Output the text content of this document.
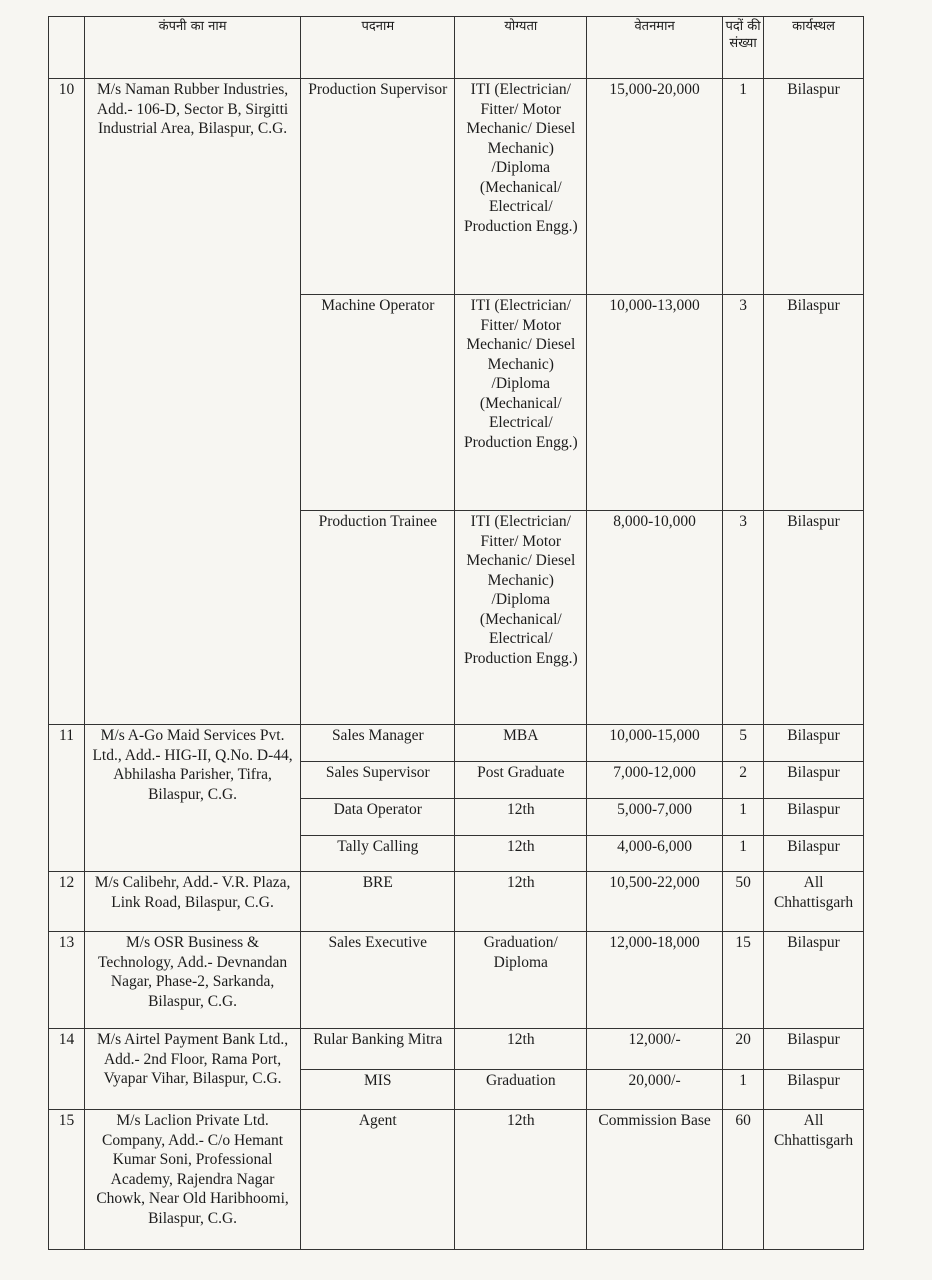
	कंपनी का नाम	पदनाम	योग्यता	वेतनमान	पदों की संख्या	कार्यस्थल
10	M/s Naman Rubber Industries, Add.- 106-D, Sector B, Sirgitti Industrial Area, Bilaspur, C.G.	Production Supervisor	ITI (Electrician/ Fitter/ Motor Mechanic/ Diesel Mechanic) /Diploma (Mechanical/ Electrical/ Production Engg.)	15,000-20,000	1	Bilaspur
		Machine Operator	ITI (Electrician/ Fitter/ Motor Mechanic/ Diesel Mechanic) /Diploma (Mechanical/ Electrical/ Production Engg.)	10,000-13,000	3	Bilaspur
		Production Trainee	ITI (Electrician/ Fitter/ Motor Mechanic/ Diesel Mechanic) /Diploma (Mechanical/ Electrical/ Production Engg.)	8,000-10,000	3	Bilaspur
11	M/s A-Go Maid Services Pvt. Ltd., Add.- HIG-II, Q.No. D-44, Abhilasha Parisher, Tifra, Bilaspur, C.G.	Sales Manager	MBA	10,000-15,000	5	Bilaspur
		Sales Supervisor	Post Graduate	7,000-12,000	2	Bilaspur
		Data Operator	12th	5,000-7,000	1	Bilaspur
		Tally Calling	12th	4,000-6,000	1	Bilaspur
12	M/s Calibehr, Add.- V.R. Plaza, Link Road, Bilaspur, C.G.	BRE	12th	10,500-22,000	50	All Chhattisgarh
13	M/s OSR Business & Technology, Add.- Devnandan Nagar, Phase-2, Sarkanda, Bilaspur, C.G.	Sales Executive	Graduation/ Diploma	12,000-18,000	15	Bilaspur
14	M/s Airtel Payment Bank Ltd., Add.- 2nd Floor, Rama Port, Vyapar Vihar, Bilaspur, C.G.	Rular Banking Mitra	12th	12,000/-	20	Bilaspur
		MIS	Graduation	20,000/-	1	Bilaspur
15	M/s Laclion Private Ltd. Company, Add.- C/o Hemant Kumar Soni, Professional Academy, Rajendra Nagar Chowk, Near Old Haribhoomi, Bilaspur, C.G.	Agent	12th	Commission Base	60	All Chhattisgarh
